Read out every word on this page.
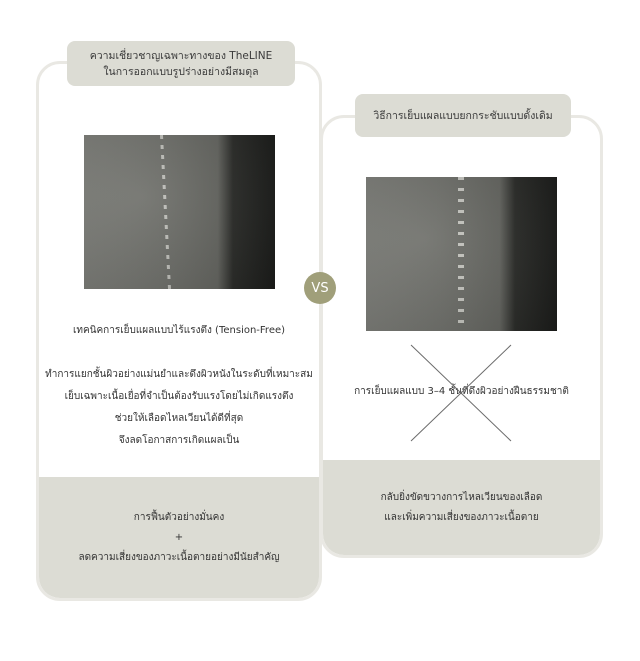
การฟื้นตัวอย่างมั่นคง
+
ลดความเสี่ยงของภาวะเนื้อตายอย่างมีนัยสำคัญ
ความเชี่ยวชาญเฉพาะทางของ TheLINE
ในการออกแบบรูปร่างอย่างมีสมดุล
เทคนิคการเย็บแผลแบบไร้แรงตึง (Tension-Free)
ทำการแยกชั้นผิวอย่างแม่นยำและดึงผิวหนังในระดับที่เหมาะสม
เย็บเฉพาะเนื้อเยื่อที่จำเป็นต้องรับแรงโดยไม่เกิดแรงตึง
ช่วยให้เลือดไหลเวียนได้ดีที่สุด
จึงลดโอกาสการเกิดแผลเป็น
VS
กลับยิ่งขัดขวางการไหลเวียนของเลือด
และเพิ่มความเสี่ยงของภาวะเนื้อตาย
วิธีการเย็บแผลแบบยกกระชับแบบดั้งเดิม
การเย็บแผลแบบ 3–4 ชั้นที่ดึงผิวอย่างฝืนธรรมชาติ
